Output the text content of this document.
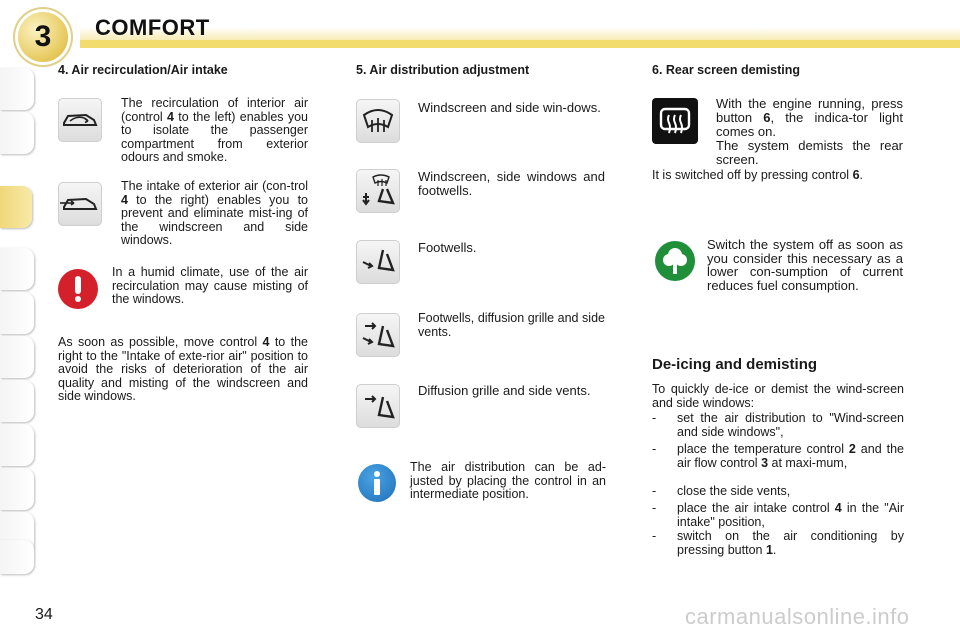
3 COMFORT
4. Air recirculation/Air intake
The recirculation of interior air (control 4 to the left) enables you to isolate the passenger compartment from exterior odours and smoke.
The intake of exterior air (con-trol 4 to the right) enables you to prevent and eliminate mist-ing of the windscreen and side windows.
In a humid climate, use of the air recirculation may cause misting of the windows.
As soon as possible, move control 4 to the right to the "Intake of exte-rior air" position to avoid the risks of deterioration of the air quality and misting of the windscreen and side windows.
5. Air distribution adjustment
Windscreen and side win-dows.
Windscreen, side windows and footwells.
Footwells.
Footwells, diffusion grille and side vents.
Diffusion grille and side vents.
The air distribution can be ad-justed by placing the control in an intermediate position.
6. Rear screen demisting
With the engine running, press button 6, the indica-tor light comes on.
The system demists the rear screen.
It is switched off by pressing control 6.
Switch the system off as soon as you consider this necessary as a lower con-sumption of current reduces fuel consumption.
De-icing and demisting
To quickly de-ice or demist the wind-screen and side windows:
- set the air distribution to "Wind-screen and side windows",
- place the temperature control 2 and the air flow control 3 at maxi-mum,
- close the side vents,
- place the air intake control 4 in the "Air intake" position,
- switch on the air conditioning by pressing button 1.
34	carmanualsonline.info
